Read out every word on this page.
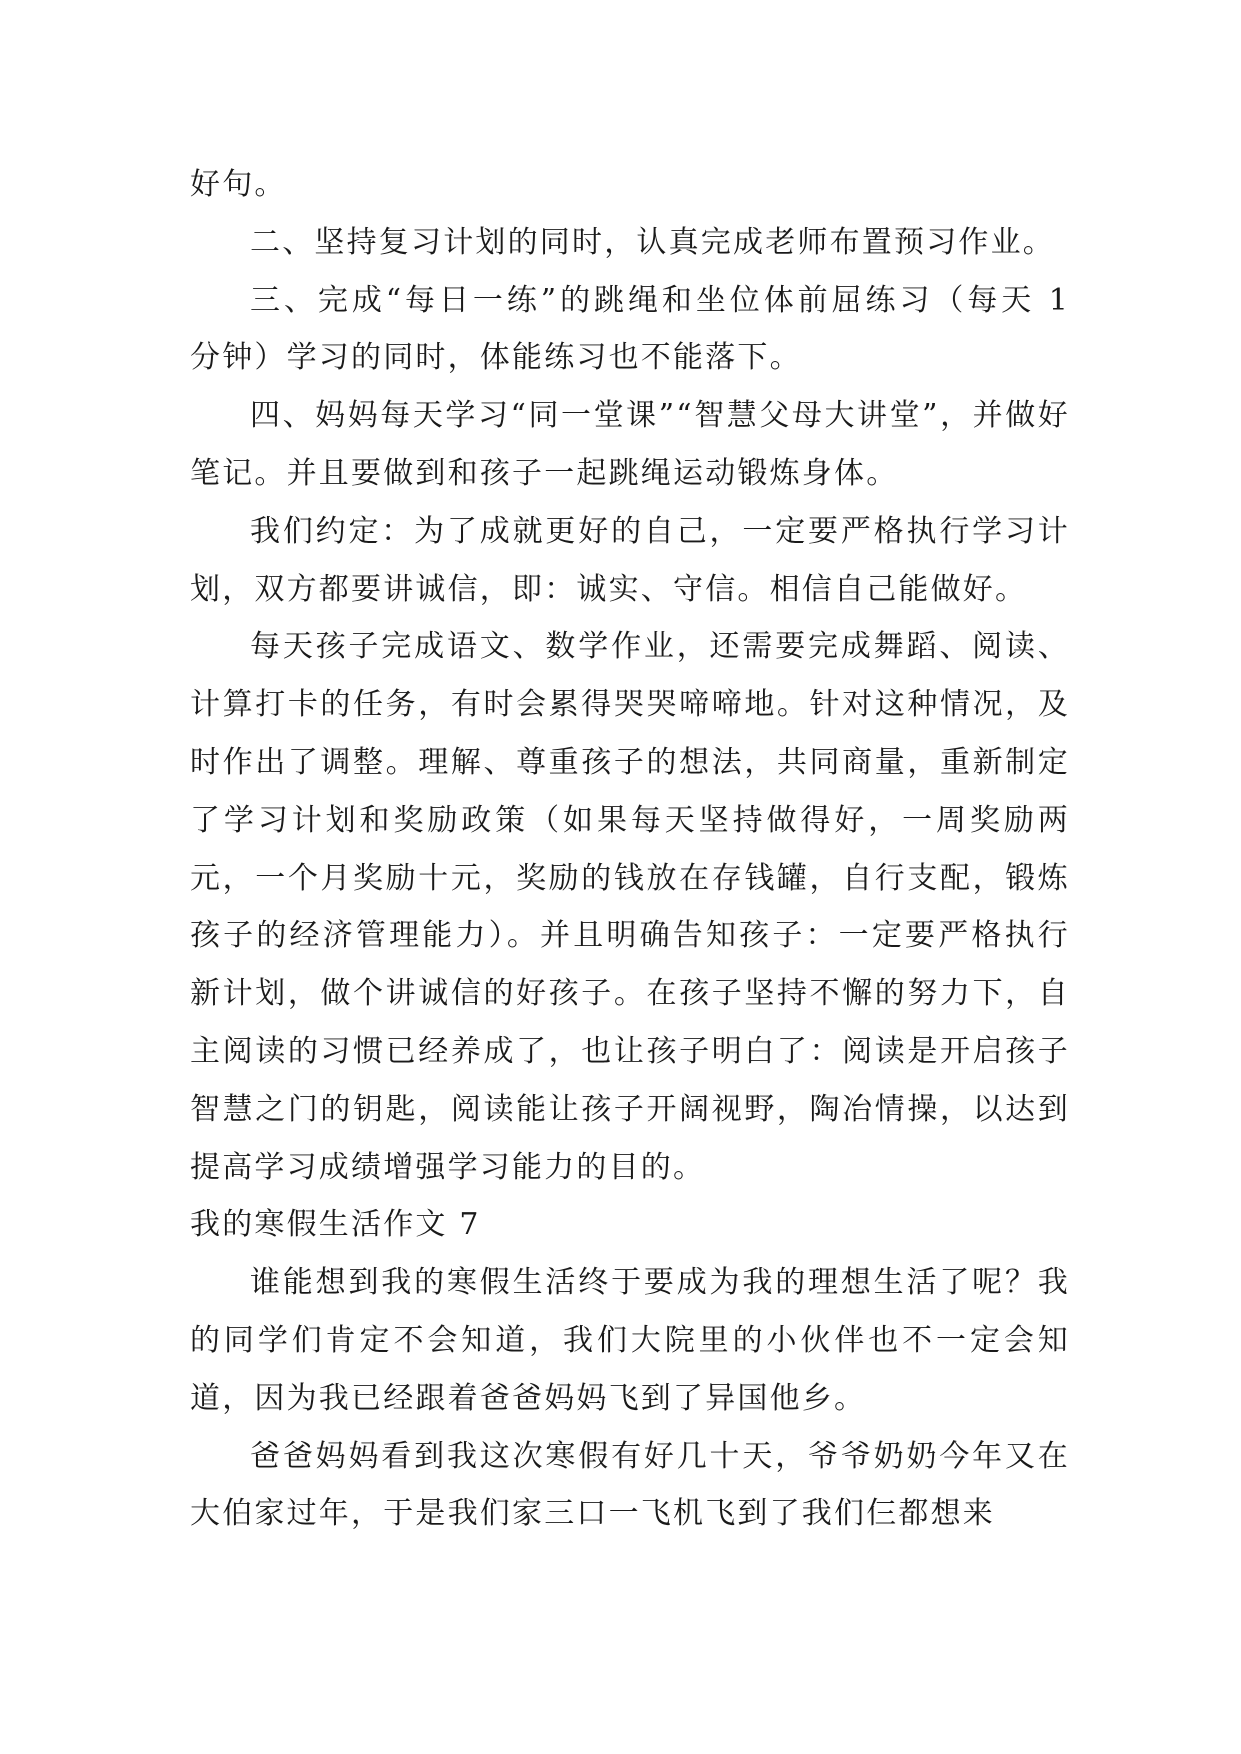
好句。

二、坚持复习计划的同时，认真完成老师布置预习作业。

三、完成“每日一练”的跳绳和坐位体前屈练习（每天 1 分钟）学习的同时，体能练习也不能落下。

四、妈妈每天学习“同一堂课”“智慧父母大讲堂”，并做好笔记。并且要做到和孩子一起跳绳运动锻炼身体。

我们约定：为了成就更好的自己，一定要严格执行学习计划，双方都要讲诚信，即：诚实、守信。相信自己能做好。

每天孩子完成语文、数学作业，还需要完成舞蹈、阅读、计算打卡的任务，有时会累得哭哭啼啼地。针对这种情况，及时作出了调整。理解、尊重孩子的想法，共同商量，重新制定了学习计划和奖励政策（如果每天坚持做得好，一周奖励两元，一个月奖励十元，奖励的钱放在存钱罐，自行支配，锻炼孩子的经济管理能力）。并且明确告知孩子：一定要严格执行新计划，做个讲诚信的好孩子。在孩子坚持不懈的努力下，自主阅读的习惯已经养成了，也让孩子明白了：阅读是开启孩子智慧之门的钥匙，阅读能让孩子开阔视野，陶冶情操，以达到提高学习成绩增强学习能力的目的。

我的寒假生活作文 7

谁能想到我的寒假生活终于要成为我的理想生活了呢？我的同学们肯定不会知道，我们大院里的小伙伴也不一定会知道，因为我已经跟着爸爸妈妈飞到了异国他乡。

爸爸妈妈看到我这次寒假有好几十天，爷爷奶奶今年又在大伯家过年，于是我们家三口一飞机飞到了我们仨都想来
